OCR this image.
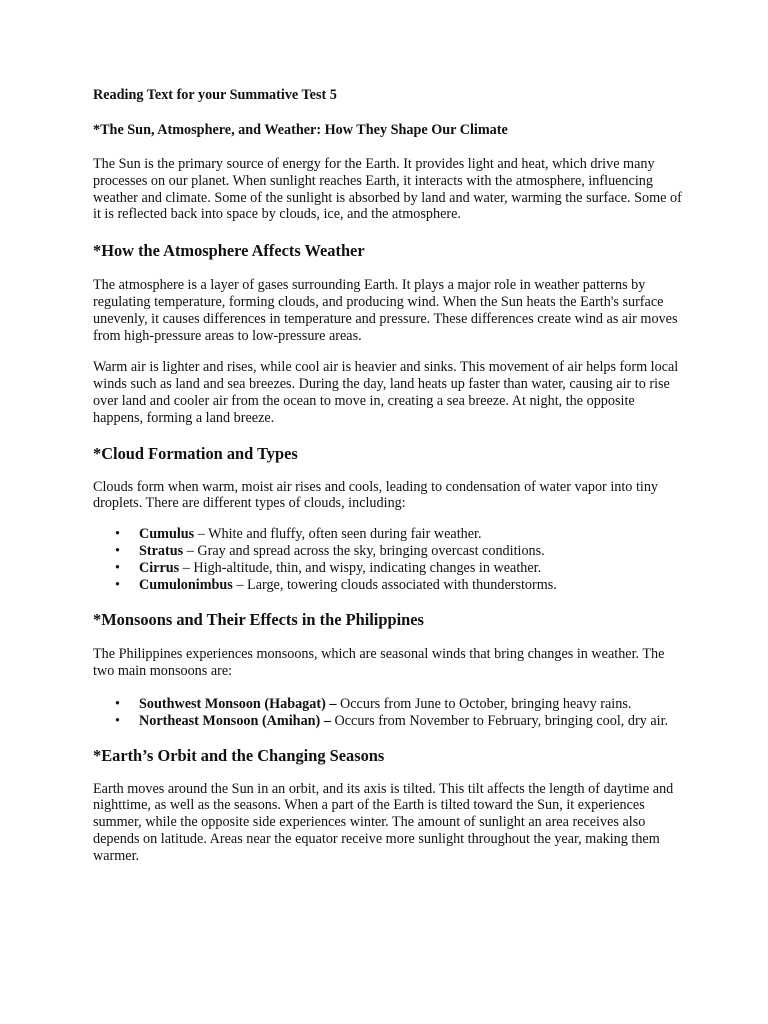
Reading Text for your Summative Test 5
*The Sun, Atmosphere, and Weather: How They Shape Our Climate

The Sun is the primary source of energy for the Earth. It provides light and heat, which drive many processes on our planet. When sunlight reaches Earth, it interacts with the atmosphere, influencing weather and climate. Some of the sunlight is absorbed by land and water, warming the surface. Some of it is reflected back into space by clouds, ice, and the atmosphere.

*How the Atmosphere Affects Weather

The atmosphere is a layer of gases surrounding Earth. It plays a major role in weather patterns by regulating temperature, forming clouds, and producing wind. When the Sun heats the Earth's surface unevenly, it causes differences in temperature and pressure. These differences create wind as air moves from high-pressure areas to low-pressure areas.

Warm air is lighter and rises, while cool air is heavier and sinks. This movement of air helps form local winds such as land and sea breezes. During the day, land heats up faster than water, causing air to rise over land and cooler air from the ocean to move in, creating a sea breeze. At night, the opposite happens, forming a land breeze.

*Cloud Formation and Types

Clouds form when warm, moist air rises and cools, leading to condensation of water vapor into tiny droplets. There are different types of clouds, including:

• Cumulus – White and fluffy, often seen during fair weather.
• Stratus – Gray and spread across the sky, bringing overcast conditions.
• Cirrus – High-altitude, thin, and wispy, indicating changes in weather.
• Cumulonimbus – Large, towering clouds associated with thunderstorms.
*Monsoons and Their Effects in the Philippines

The Philippines experiences monsoons, which are seasonal winds that bring changes in weather. The two main monsoons are:

• Southwest Monsoon (Habagat) – Occurs from June to October, bringing heavy rains.
• Northeast Monsoon (Amihan) – Occurs from November to February, bringing cool, dry air.
*Earth’s Orbit and the Changing Seasons

Earth moves around the Sun in an orbit, and its axis is tilted. This tilt affects the length of daytime and nighttime, as well as the seasons. When a part of the Earth is tilted toward the Sun, it experiences summer, while the opposite side experiences winter. The amount of sunlight an area receives also depends on latitude. Areas near the equator receive more sunlight throughout the year, making them warmer.
